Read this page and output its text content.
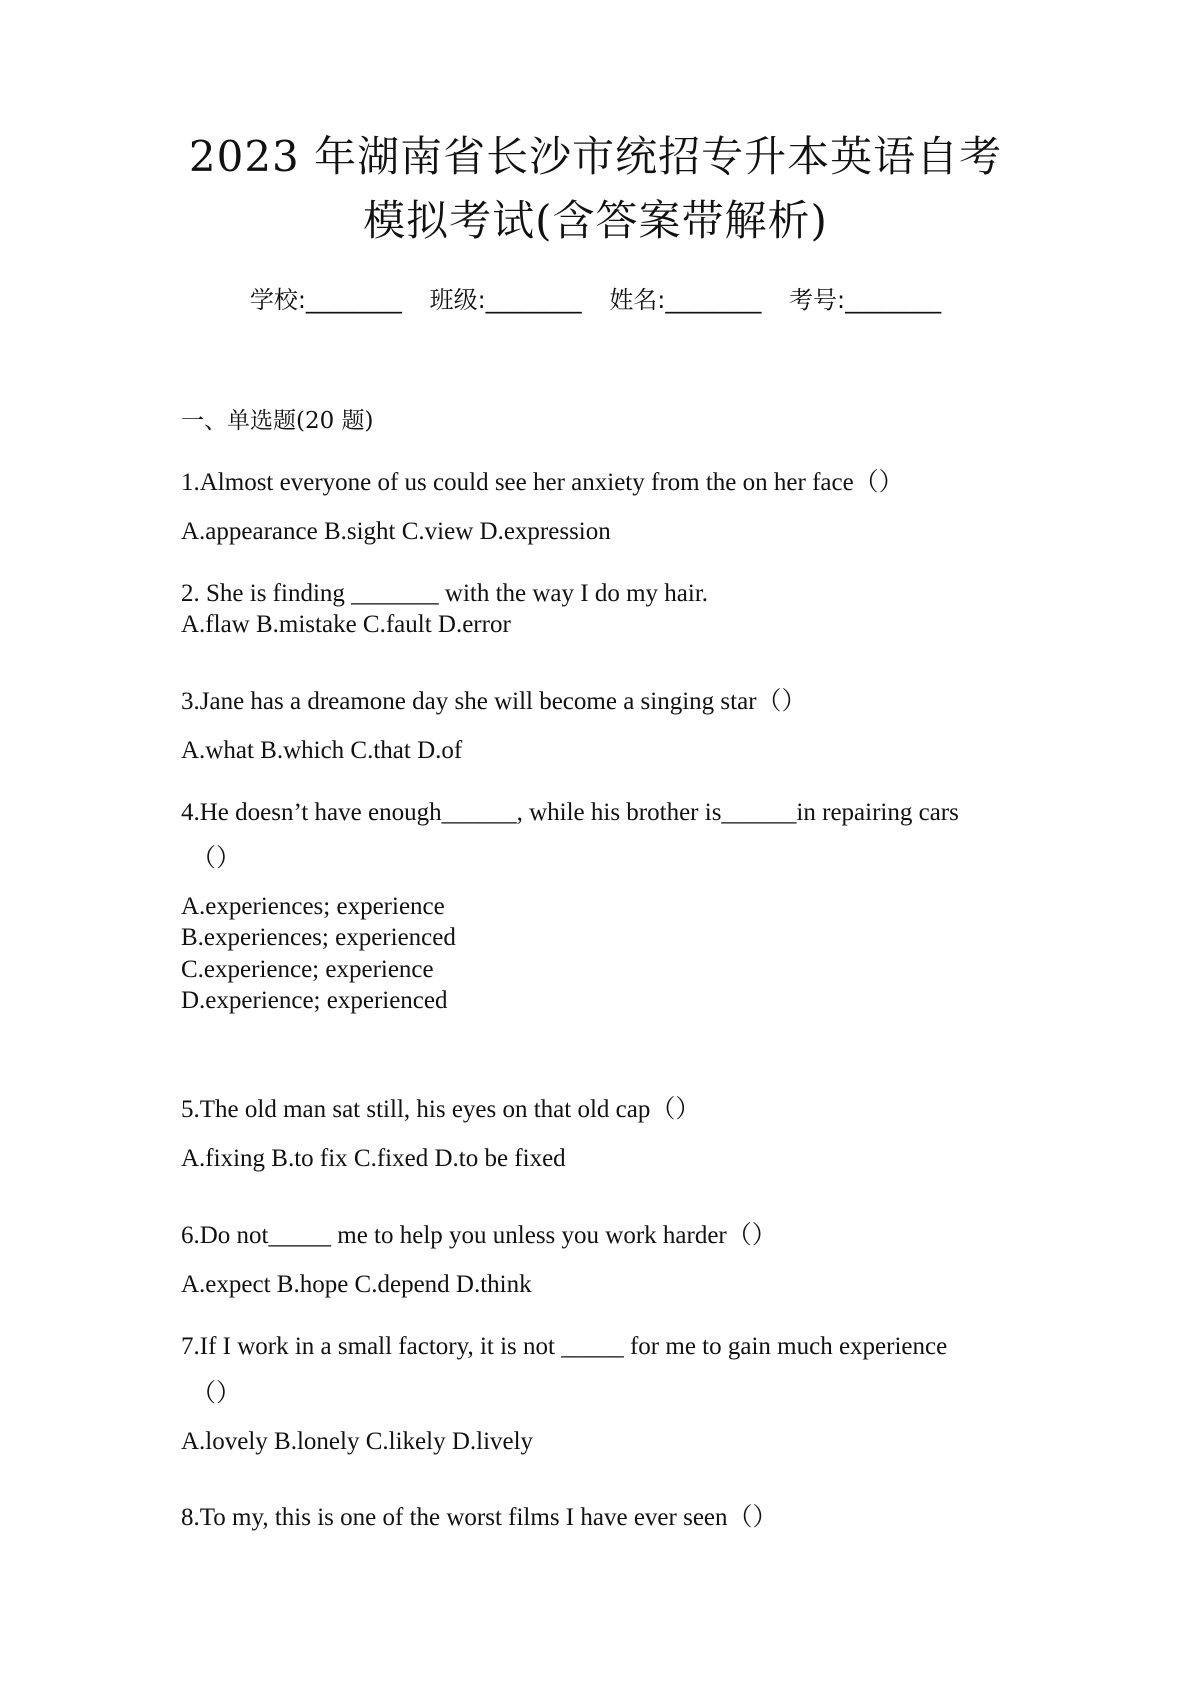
2023 年湖南省长沙市统招专升本英语自考
模拟考试(含答案带解析)
学校:________ 班级:________ 姓名:________ 考号:________
一、单选题(20 题)
1.Almost everyone of us could see her anxiety from the on her face（）
A.appearance B.sight C.view D.expression
2. She is finding _______ with the way I do my hair.
A.flaw B.mistake C.fault D.error
3.Jane has a dreamone day she will become a singing star（）
A.what B.which C.that D.of
4.He doesn’t have enough______, while his brother is______in repairing cars
（）
A.experiences; experience
B.experiences; experienced
C.experience; experience
D.experience; experienced
5.The old man sat still, his eyes on that old cap（）
A.fixing B.to fix C.fixed D.to be fixed
6.Do not_____ me to help you unless you work harder（）
A.expect B.hope C.depend D.think
7.If I work in a small factory, it is not _____ for me to gain much experience
（）
A.lovely B.lonely C.likely D.lively
8.To my, this is one of the worst films I have ever seen（）
